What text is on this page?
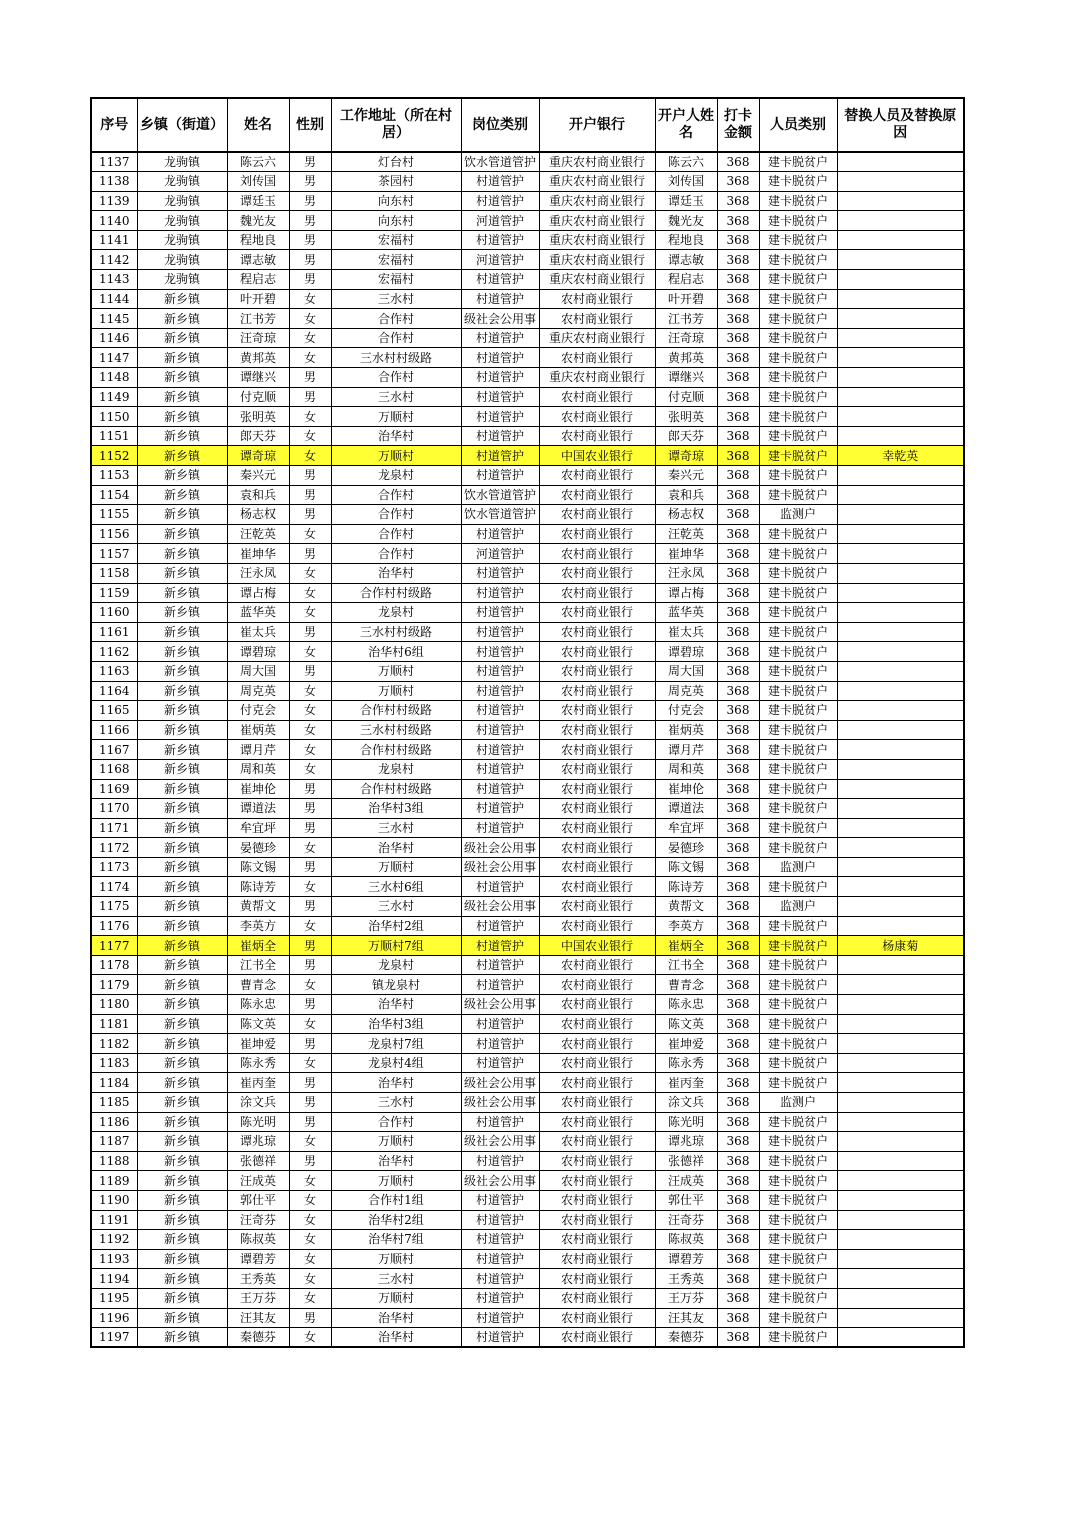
序号	乡镇（街道）	姓名	性别	工作地址（所在村居）	岗位类别	开户银行	开户人姓名	打卡金额	人员类别	替换人员及替换原因
1137	龙驹镇	陈云六	男	灯台村	饮水管道管护	重庆农村商业银行	陈云六	368	建卡脱贫户	
1138	龙驹镇	刘传国	男	茶园村	村道管护	重庆农村商业银行	刘传国	368	建卡脱贫户	
1139	龙驹镇	谭廷玉	男	向东村	村道管护	重庆农村商业银行	谭廷玉	368	建卡脱贫户	
1140	龙驹镇	魏光友	男	向东村	河道管护	重庆农村商业银行	魏光友	368	建卡脱贫户	
1141	龙驹镇	程地良	男	宏福村	村道管护	重庆农村商业银行	程地良	368	建卡脱贫户	
1142	龙驹镇	谭志敏	男	宏福村	河道管护	重庆农村商业银行	谭志敏	368	建卡脱贫户	
1143	龙驹镇	程启志	男	宏福村	村道管护	重庆农村商业银行	程启志	368	建卡脱贫户	
1144	新乡镇	叶开碧	女	三水村	村道管护	农村商业银行	叶开碧	368	建卡脱贫户	
1145	新乡镇	江书芳	女	合作村	级社会公用事	农村商业银行	江书芳	368	建卡脱贫户	
1146	新乡镇	汪奇琼	女	合作村	村道管护	重庆农村商业银行	汪奇琼	368	建卡脱贫户	
1147	新乡镇	黄邦英	女	三水村村级路	村道管护	农村商业银行	黄邦英	368	建卡脱贫户	
1148	新乡镇	谭继兴	男	合作村	村道管护	重庆农村商业银行	谭继兴	368	建卡脱贫户	
1149	新乡镇	付克顺	男	三水村	村道管护	农村商业银行	付克顺	368	建卡脱贫户	
1150	新乡镇	张明英	女	万顺村	村道管护	农村商业银行	张明英	368	建卡脱贫户	
1151	新乡镇	郎天芬	女	治华村	村道管护	农村商业银行	郎天芬	368	建卡脱贫户	
1152	新乡镇	谭奇琼	女	万顺村	村道管护	中国农业银行	谭奇琼	368	建卡脱贫户	幸乾英
1153	新乡镇	秦兴元	男	龙泉村	村道管护	农村商业银行	秦兴元	368	建卡脱贫户	
1154	新乡镇	袁和兵	男	合作村	饮水管道管护	农村商业银行	袁和兵	368	建卡脱贫户	
1155	新乡镇	杨志权	男	合作村	饮水管道管护	农村商业银行	杨志权	368	监测户	
1156	新乡镇	汪乾英	女	合作村	村道管护	农村商业银行	汪乾英	368	建卡脱贫户	
1157	新乡镇	崔坤华	男	合作村	河道管护	农村商业银行	崔坤华	368	建卡脱贫户	
1158	新乡镇	汪永凤	女	治华村	村道管护	农村商业银行	汪永凤	368	建卡脱贫户	
1159	新乡镇	谭占梅	女	合作村村级路	村道管护	农村商业银行	谭占梅	368	建卡脱贫户	
1160	新乡镇	蓝华英	女	龙泉村	村道管护	农村商业银行	蓝华英	368	建卡脱贫户	
1161	新乡镇	崔太兵	男	三水村村级路	村道管护	农村商业银行	崔太兵	368	建卡脱贫户	
1162	新乡镇	谭碧琼	女	治华村6组	村道管护	农村商业银行	谭碧琼	368	建卡脱贫户	
1163	新乡镇	周大国	男	万顺村	村道管护	农村商业银行	周大国	368	建卡脱贫户	
1164	新乡镇	周克英	女	万顺村	村道管护	农村商业银行	周克英	368	建卡脱贫户	
1165	新乡镇	付克会	女	合作村村级路	村道管护	农村商业银行	付克会	368	建卡脱贫户	
1166	新乡镇	崔炳英	女	三水村村级路	村道管护	农村商业银行	崔炳英	368	建卡脱贫户	
1167	新乡镇	谭月芹	女	合作村村级路	村道管护	农村商业银行	谭月芹	368	建卡脱贫户	
1168	新乡镇	周和英	女	龙泉村	村道管护	农村商业银行	周和英	368	建卡脱贫户	
1169	新乡镇	崔坤伦	男	合作村村级路	村道管护	农村商业银行	崔坤伦	368	建卡脱贫户	
1170	新乡镇	谭道法	男	治华村3组	村道管护	农村商业银行	谭道法	368	建卡脱贫户	
1171	新乡镇	牟宜坪	男	三水村	村道管护	农村商业银行	牟宜坪	368	建卡脱贫户	
1172	新乡镇	晏德珍	女	治华村	级社会公用事	农村商业银行	晏德珍	368	建卡脱贫户	
1173	新乡镇	陈文锡	男	万顺村	级社会公用事	农村商业银行	陈文锡	368	监测户	
1174	新乡镇	陈诗芳	女	三水村6组	村道管护	农村商业银行	陈诗芳	368	建卡脱贫户	
1175	新乡镇	黄帮文	男	三水村	级社会公用事	农村商业银行	黄帮文	368	监测户	
1176	新乡镇	李英方	女	治华村2组	村道管护	农村商业银行	李英方	368	建卡脱贫户	
1177	新乡镇	崔炳全	男	万顺村7组	村道管护	中国农业银行	崔炳全	368	建卡脱贫户	杨康菊
1178	新乡镇	江书全	男	龙泉村	村道管护	农村商业银行	江书全	368	建卡脱贫户	
1179	新乡镇	曹青念	女	镇龙泉村	村道管护	农村商业银行	曹青念	368	建卡脱贫户	
1180	新乡镇	陈永忠	男	治华村	级社会公用事	农村商业银行	陈永忠	368	建卡脱贫户	
1181	新乡镇	陈文英	女	治华村3组	村道管护	农村商业银行	陈文英	368	建卡脱贫户	
1182	新乡镇	崔坤爱	男	龙泉村7组	村道管护	农村商业银行	崔坤爱	368	建卡脱贫户	
1183	新乡镇	陈永秀	女	龙泉村4组	村道管护	农村商业银行	陈永秀	368	建卡脱贫户	
1184	新乡镇	崔丙奎	男	治华村	级社会公用事	农村商业银行	崔丙奎	368	建卡脱贫户	
1185	新乡镇	涂文兵	男	三水村	级社会公用事	农村商业银行	涂文兵	368	监测户	
1186	新乡镇	陈光明	男	合作村	村道管护	农村商业银行	陈光明	368	建卡脱贫户	
1187	新乡镇	谭兆琼	女	万顺村	级社会公用事	农村商业银行	谭兆琼	368	建卡脱贫户	
1188	新乡镇	张德祥	男	治华村	村道管护	农村商业银行	张德祥	368	建卡脱贫户	
1189	新乡镇	汪成英	女	万顺村	级社会公用事	农村商业银行	汪成英	368	建卡脱贫户	
1190	新乡镇	郭仕平	女	合作村1组	村道管护	农村商业银行	郭仕平	368	建卡脱贫户	
1191	新乡镇	汪奇芬	女	治华村2组	村道管护	农村商业银行	汪奇芬	368	建卡脱贫户	
1192	新乡镇	陈叔英	女	治华村7组	村道管护	农村商业银行	陈叔英	368	建卡脱贫户	
1193	新乡镇	谭碧芳	女	万顺村	村道管护	农村商业银行	谭碧芳	368	建卡脱贫户	
1194	新乡镇	王秀英	女	三水村	村道管护	农村商业银行	王秀英	368	建卡脱贫户	
1195	新乡镇	王万芬	女	万顺村	村道管护	农村商业银行	王万芬	368	建卡脱贫户	
1196	新乡镇	汪其友	男	治华村	村道管护	农村商业银行	汪其友	368	建卡脱贫户	
1197	新乡镇	秦德芬	女	治华村	村道管护	农村商业银行	秦德芬	368	建卡脱贫户	
